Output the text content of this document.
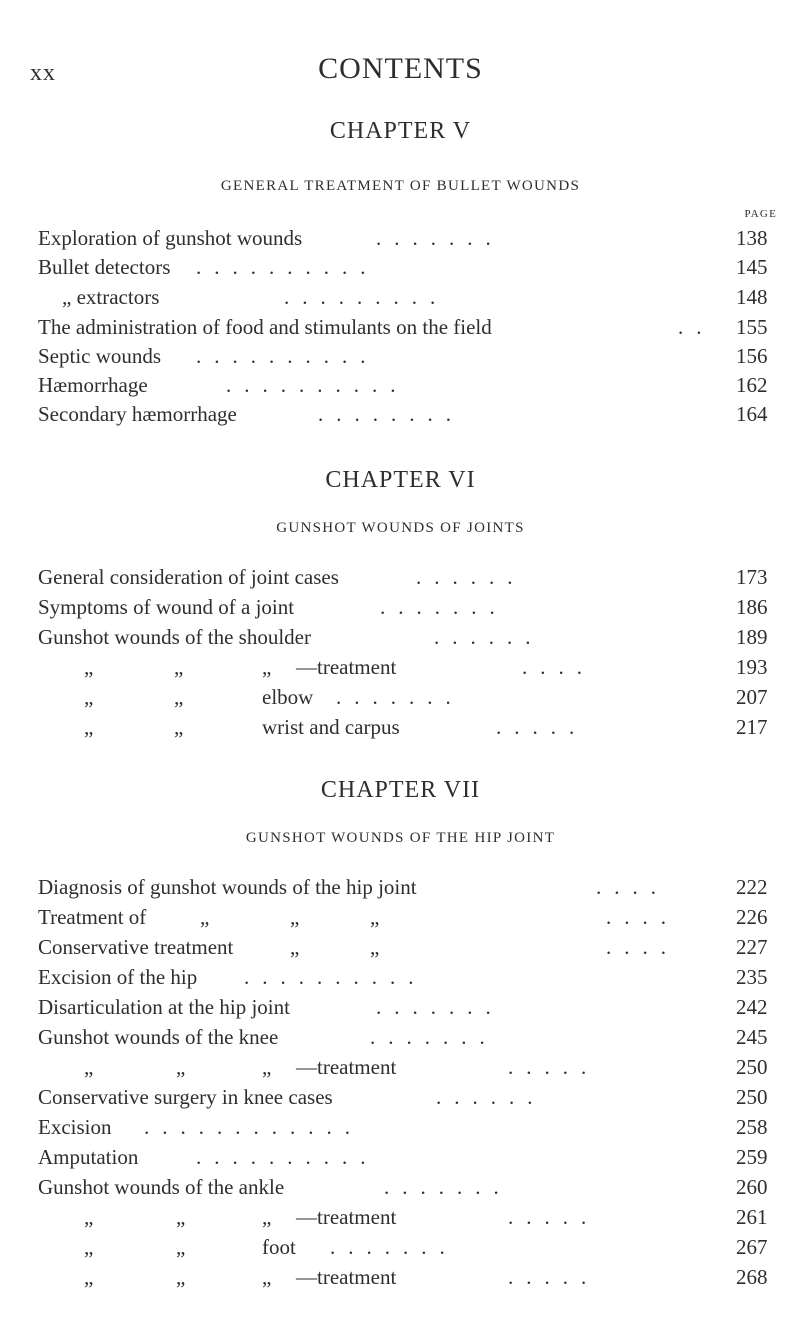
xx	CONTENTS
CHAPTER V
GENERAL TREATMENT OF BULLET WOUNDS
PAGE
Exploration of gunshot wounds	.......	138
Bullet detectors ..........	145
„ extractors	.........	148
The administration of food and stimulants on the field	.. 155
Septic wounds ..........	156
Hæmorrhage	..........	162
Secondary hæmorrhage	........	164
CHAPTER VI
GUNSHOT WOUNDS OF JOINTS
General consideration of joint cases	......	173
Symptoms of wound of a joint	.......	186
Gunshot wounds of the shoulder	......	189
„	„	„ —treatment	....	193
„	„	elbow .......	207
„	„	wrist and carpus	.....	217
CHAPTER VII
GUNSHOT WOUNDS OF THE HIP JOINT
Diagnosis of gunshot wounds of the hip joint	....	222
Treatment of	„	„	„	....	226
Conservative treatment	„	„	....	227
Excision of the hip ..........	235
Disarticulation at the hip joint	.......	242
Gunshot wounds of the knee	.......	245
„	„	„ —treatment	.....	250
Conservative surgery in knee cases	......	250
Excision ............	258
Amputation	..........	259
Gunshot wounds of the ankle	.......	260
„	„	„ —treatment	.....	261
„	„	foot .......	267
„	„	„ —treatment	.....	268
